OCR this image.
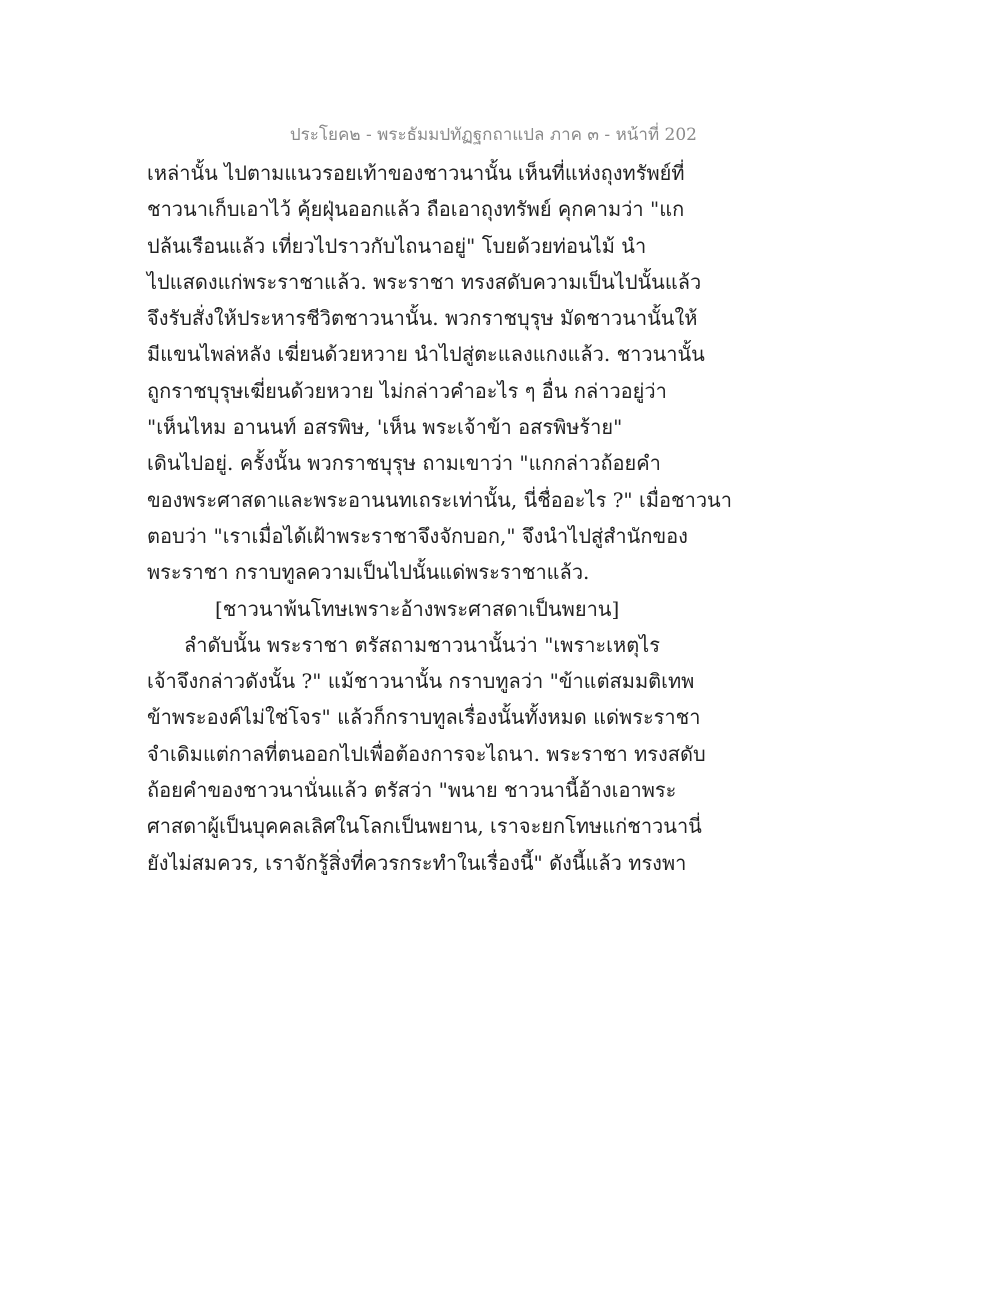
ประโยค๒ - พระธัมมปทัฏฐกถาแปล ภาค ๓ - หน้าที่ 202
เหล่านั้น ไปตามแนวรอยเท้าของชาวนานั้น เห็นที่แห่งถุงทรัพย์ที่
ชาวนาเก็บเอาไว้ คุ้ยฝุ่นออกแล้ว ถือเอาถุงทรัพย์ คุกคามว่า "แก
ปล้นเรือนแล้ว เที่ยวไปราวกับไถนาอยู่" โบยด้วยท่อนไม้ นำ
ไปแสดงแก่พระราชาแล้ว. พระราชา ทรงสดับความเป็นไปนั้นแล้ว
จึงรับสั่งให้ประหารชีวิตชาวนานั้น. พวกราชบุรุษ มัดชาวนานั้นให้
มีแขนไพล่หลัง เฆี่ยนด้วยหวาย นำไปสู่ตะแลงแกงแล้ว. ชาวนานั้น
ถูกราชบุรุษเฆี่ยนด้วยหวาย ไม่กล่าวคำอะไร ๆ อื่น กล่าวอยู่ว่า
"เห็นไหม อานนท์ อสรพิษ, 'เห็น พระเจ้าข้า อสรพิษร้าย"
เดินไปอยู่. ครั้งนั้น พวกราชบุรุษ ถามเขาว่า "แกกล่าวถ้อยคำ
ของพระศาสดาและพระอานนทเถระเท่านั้น, นี่ชื่ออะไร ?" เมื่อชาวนา
ตอบว่า "เราเมื่อได้เฝ้าพระราชาจึงจักบอก," จึงนำไปสู่สำนักของ
พระราชา กราบทูลความเป็นไปนั้นแด่พระราชาแล้ว.
[ชาวนาพ้นโทษเพราะอ้างพระศาสดาเป็นพยาน]
ลำดับนั้น พระราชา ตรัสถามชาวนานั้นว่า "เพราะเหตุไร
เจ้าจึงกล่าวดังนั้น ?" แม้ชาวนานั้น กราบทูลว่า "ข้าแต่สมมติเทพ
ข้าพระองค์ไม่ใช่โจร" แล้วก็กราบทูลเรื่องนั้นทั้งหมด แด่พระราชา
จำเดิมแต่กาลที่ตนออกไปเพื่อต้องการจะไถนา. พระราชา ทรงสดับ
ถ้อยคำของชาวนานั่นแล้ว ตรัสว่า "พนาย ชาวนานี้อ้างเอาพระ
ศาสดาผู้เป็นบุคคลเลิศในโลกเป็นพยาน, เราจะยกโทษแก่ชาวนานี่
ยังไม่สมควร, เราจักรู้สิ่งที่ควรกระทำในเรื่องนี้" ดังนี้แล้ว ทรงพา
